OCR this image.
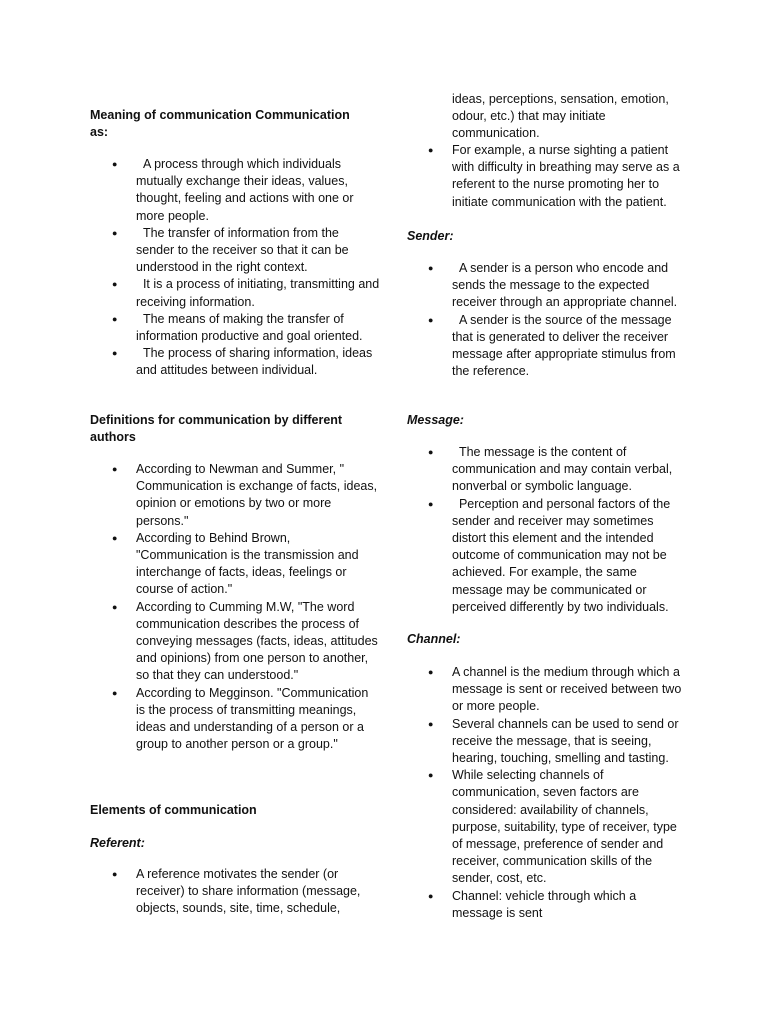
Meaning of communication Communication as:
● A process through which individuals mutually exchange their ideas, values, thought, feeling and actions with one or more people.
● The transfer of information from the sender to the receiver so that it can be understood in the right context.
● It is a process of initiating, transmitting and receiving information.
● The means of making the transfer of information productive and goal oriented.
● The process of sharing information, ideas and attitudes between individual.
Definitions for communication by different authors
● According to Newman and Summer, " Communication is exchange of facts, ideas, opinion or emotions by two or more persons."
● According to Behind Brown, "Communication is the transmission and interchange of facts, ideas, feelings or course of action."
● According to Cumming M.W, "The word communication describes the process of conveying messages (facts, ideas, attitudes and opinions) from one person to another, so that they can understood."
● According to Megginson. "Communication is the process of transmitting meanings, ideas and understanding of a person or a group to another person or a group."
Elements of communication
Referent:
● A reference motivates the sender (or receiver) to share information (message, objects, sounds, site, time, schedule,

ideas, perceptions, sensation, emotion, odour, etc.) that may initiate communication.

● For example, a nurse sighting a patient with difficulty in breathing may serve as a referent to the nurse promoting her to initiate communication with the patient.
Sender:
● A sender is a person who encode and sends the message to the expected receiver through an appropriate channel.
● A sender is the source of the message that is generated to deliver the receiver message after appropriate stimulus from the reference.
Message:
● The message is the content of communication and may contain verbal, nonverbal or symbolic language.
● Perception and personal factors of the sender and receiver may sometimes distort this element and the intended outcome of communication may not be achieved. For example, the same message may be communicated or perceived differently by two individuals.
Channel:
● A channel is the medium through which a message is sent or received between two or more people.
● Several channels can be used to send or receive the message, that is seeing, hearing, touching, smelling and tasting.
● While selecting channels of communication, seven factors are considered: availability of channels, purpose, suitability, type of receiver, type of message, preference of sender and receiver, communication skills of the sender, cost, etc.
● Channel: vehicle through which a message is sent
